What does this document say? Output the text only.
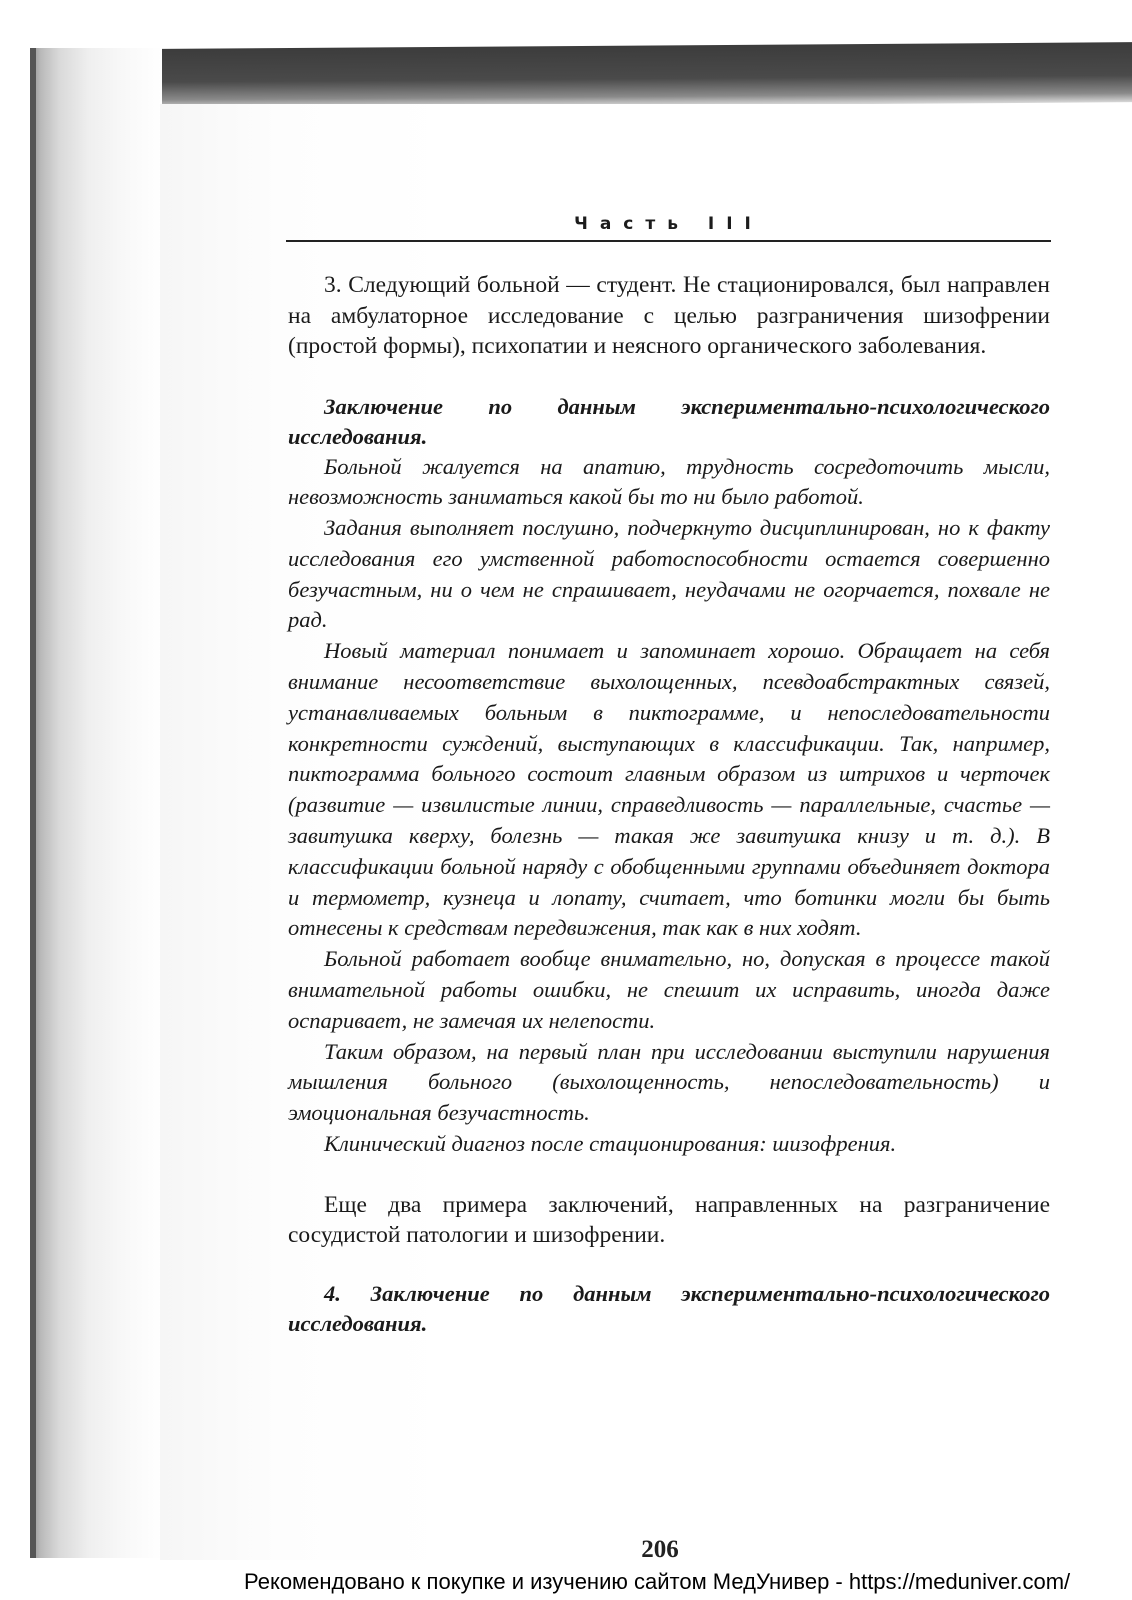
Часть III

3. Следующий больной — студент. Не стационировался, был направлен на амбулаторное исследование с целью разграничения шизофрении (простой формы), психопатии и неясного органического заболевания.

Заключение по данным экспериментально-психологического исследования.

Больной жалуется на апатию, трудность сосредоточить мысли, невозможность заниматься какой бы то ни было работой.

Задания выполняет послушно, подчеркнуто дисциплинирован, но к факту исследования его умственной работоспособности остается совершенно безучастным, ни о чем не спрашивает, неудачами не огорчается, похвале не рад.

Новый материал понимает и запоминает хорошо. Обращает на себя внимание несоответствие выхолощенных, псевдоабстрактных связей, устанавливаемых больным в пиктограмме, и непоследовательности конкретности суждений, выступающих в классификации. Так, например, пиктограмма больного состоит главным образом из штрихов и черточек (развитие — извилистые линии, справедливость — параллельные, счастье — завитушка кверху, болезнь — такая же завитушка книзу и т. д.). В классификации больной наряду с обобщенными группами объединяет доктора и термометр, кузнеца и лопату, считает, что ботинки могли бы быть отнесены к средствам передвижения, так как в них ходят.

Больной работает вообще внимательно, но, допуская в процессе такой внимательной работы ошибки, не спешит их исправить, иногда даже оспаривает, не замечая их нелепости.

Таким образом, на первый план при исследовании выступили нарушения мышления больного (выхолощенность, непоследовательность) и эмоциональная безучастность.

Клинический диагноз после стационирования: шизофрения.

Еще два примера заключений, направленных на разграничение сосудистой патологии и шизофрении.

4. Заключение по данным экспериментально-психологического исследования.

206
Рекомендовано к покупке и изучению сайтом МедУнивер - https://meduniver.com/
